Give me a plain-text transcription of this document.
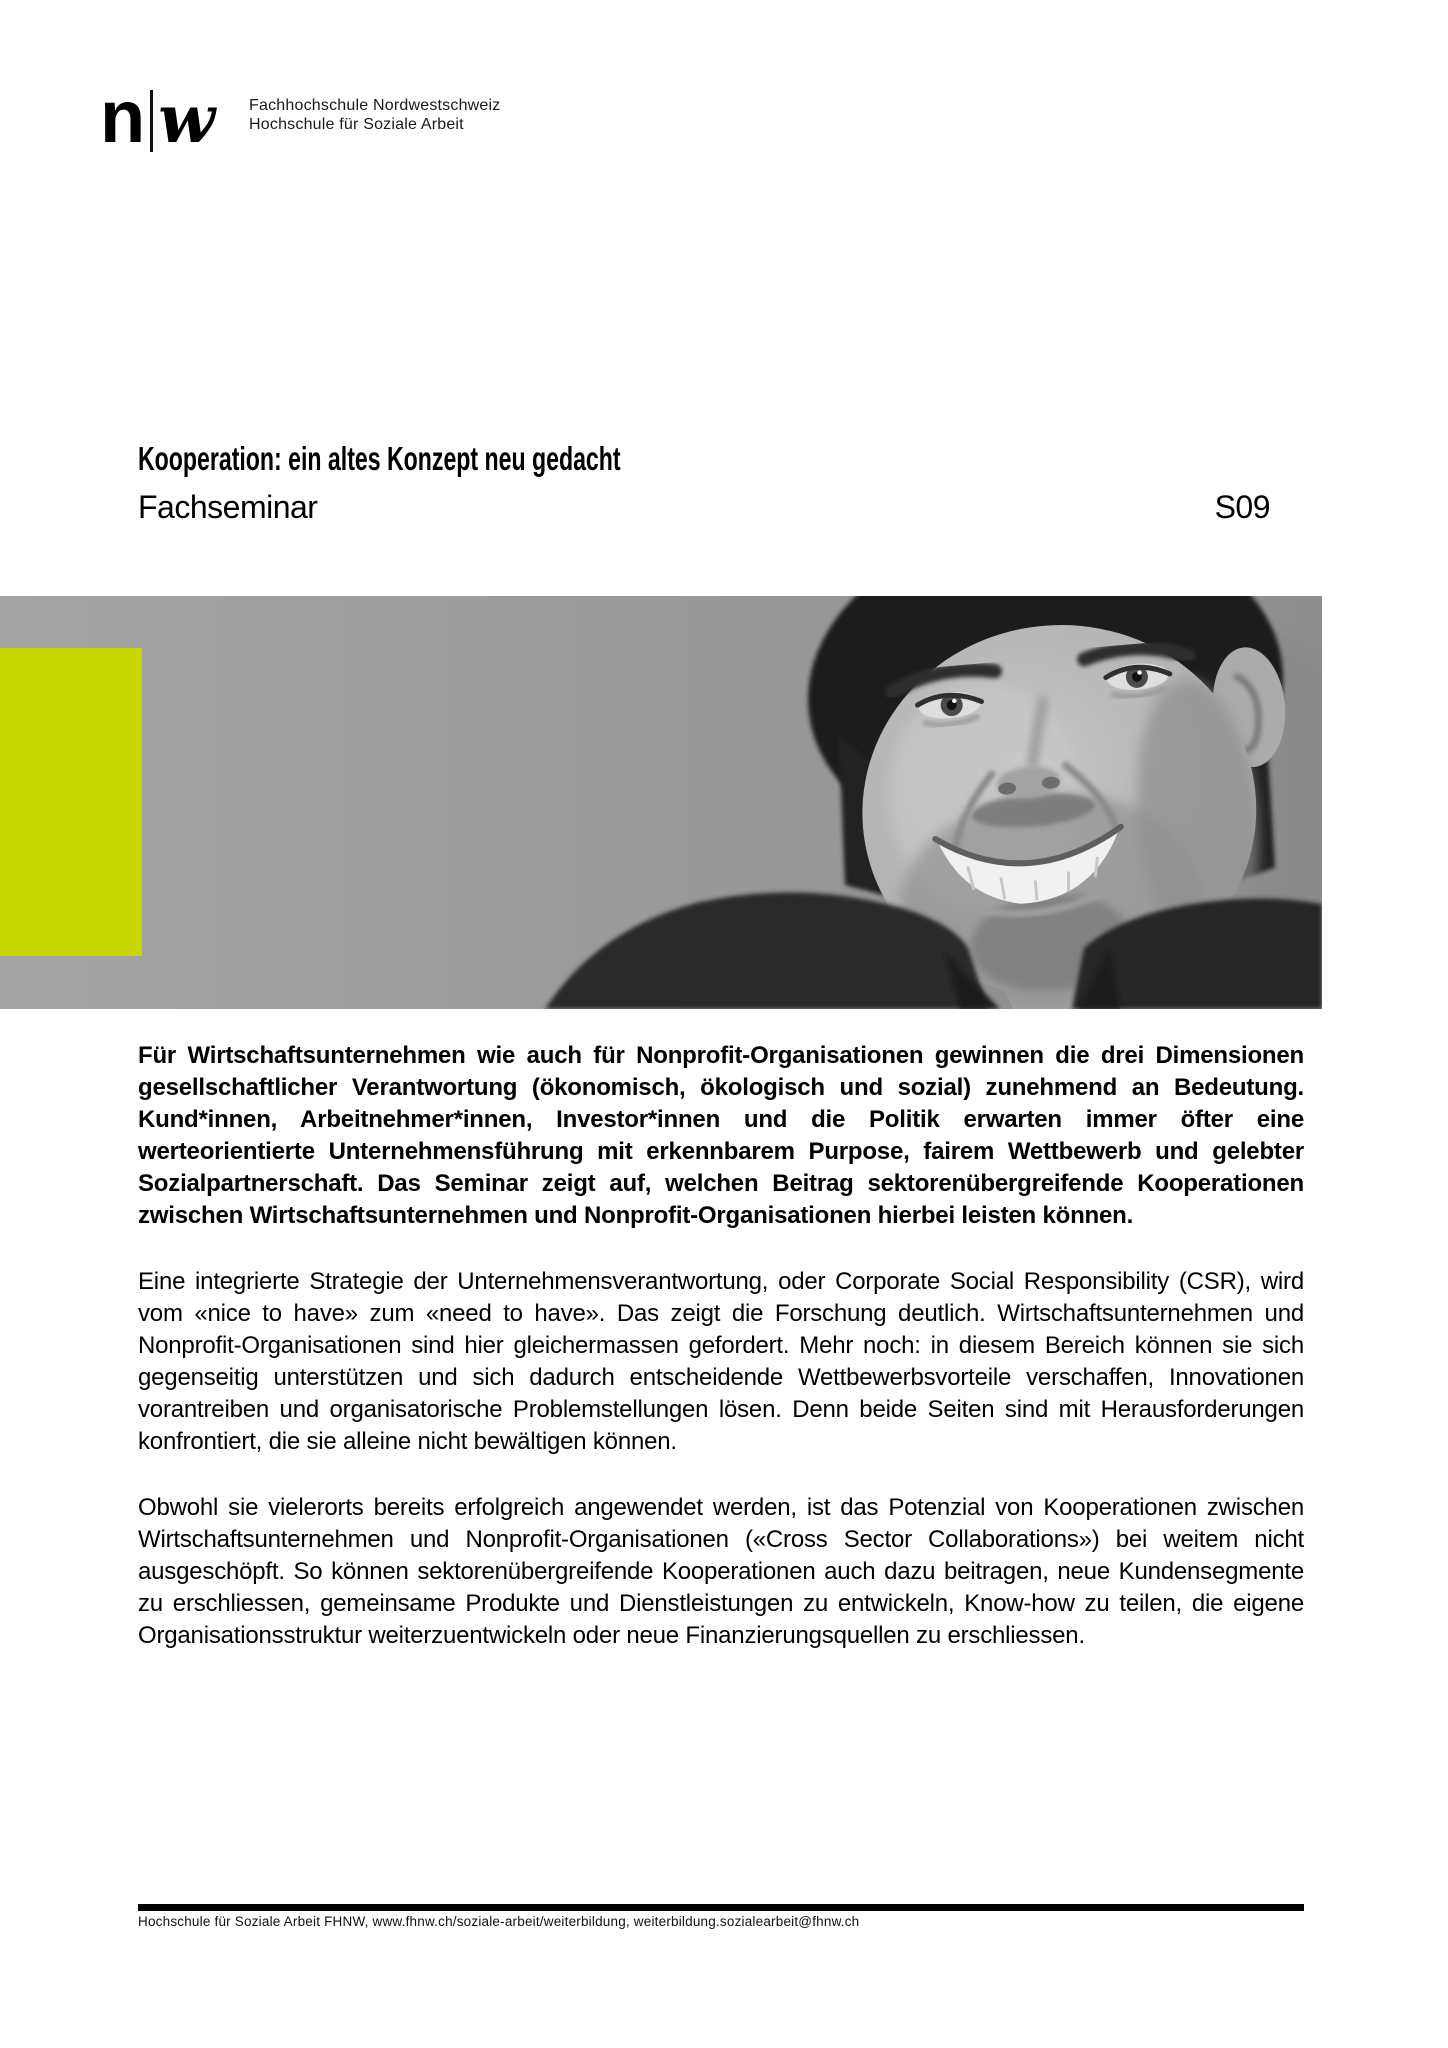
n w Fachhochschule Nordwestschweiz
Hochschule für Soziale Arbeit
Kooperation: ein altes Konzept neu gedacht
Fachseminar	S09

Für Wirtschaftsunternehmen wie auch für Nonprofit-Organisationen gewinnen die drei Dimensionen gesellschaftlicher Verantwortung (ökonomisch, ökologisch und sozial) zunehmend an Bedeutung. Kund*innen, Arbeitnehmer*innen, Investor*innen und die Politik erwarten immer öfter eine werteorientierte Unternehmensführung mit erkennbarem Purpose, fairem Wettbewerb und gelebter Sozialpartnerschaft. Das Seminar zeigt auf, welchen Beitrag sektorenübergreifende Kooperationen zwischen Wirtschaftsunternehmen und Nonprofit-Organisationen hierbei leisten können.

Eine integrierte Strategie der Unternehmensverantwortung, oder Corporate Social Responsibility (CSR), wird vom «nice to have» zum «need to have». Das zeigt die Forschung deutlich. Wirtschaftsunternehmen und Nonprofit-Organisationen sind hier gleichermassen gefordert. Mehr noch: in diesem Bereich können sie sich gegenseitig unterstützen und sich dadurch entscheidende Wettbewerbsvorteile verschaffen, Innovationen vorantreiben und organisatorische Problemstellungen lösen. Denn beide Seiten sind mit Herausforderungen konfrontiert, die sie alleine nicht bewältigen können.

Obwohl sie vielerorts bereits erfolgreich angewendet werden, ist das Potenzial von Kooperationen zwischen Wirtschaftsunternehmen und Nonprofit-Organisationen («Cross Sector Collaborations») bei weitem nicht ausgeschöpft. So können sektorenübergreifende Kooperationen auch dazu beitragen, neue Kundensegmente zu erschliessen, gemeinsame Produkte und Dienstleistungen zu entwickeln, Know-how zu teilen, die eigene Organisationsstruktur weiterzuentwickeln oder neue Finanzierungsquellen zu erschliessen.

Hochschule für Soziale Arbeit FHNW, www.fhnw.ch/soziale-arbeit/weiterbildung, weiterbildung.sozialearbeit@fhnw.ch
